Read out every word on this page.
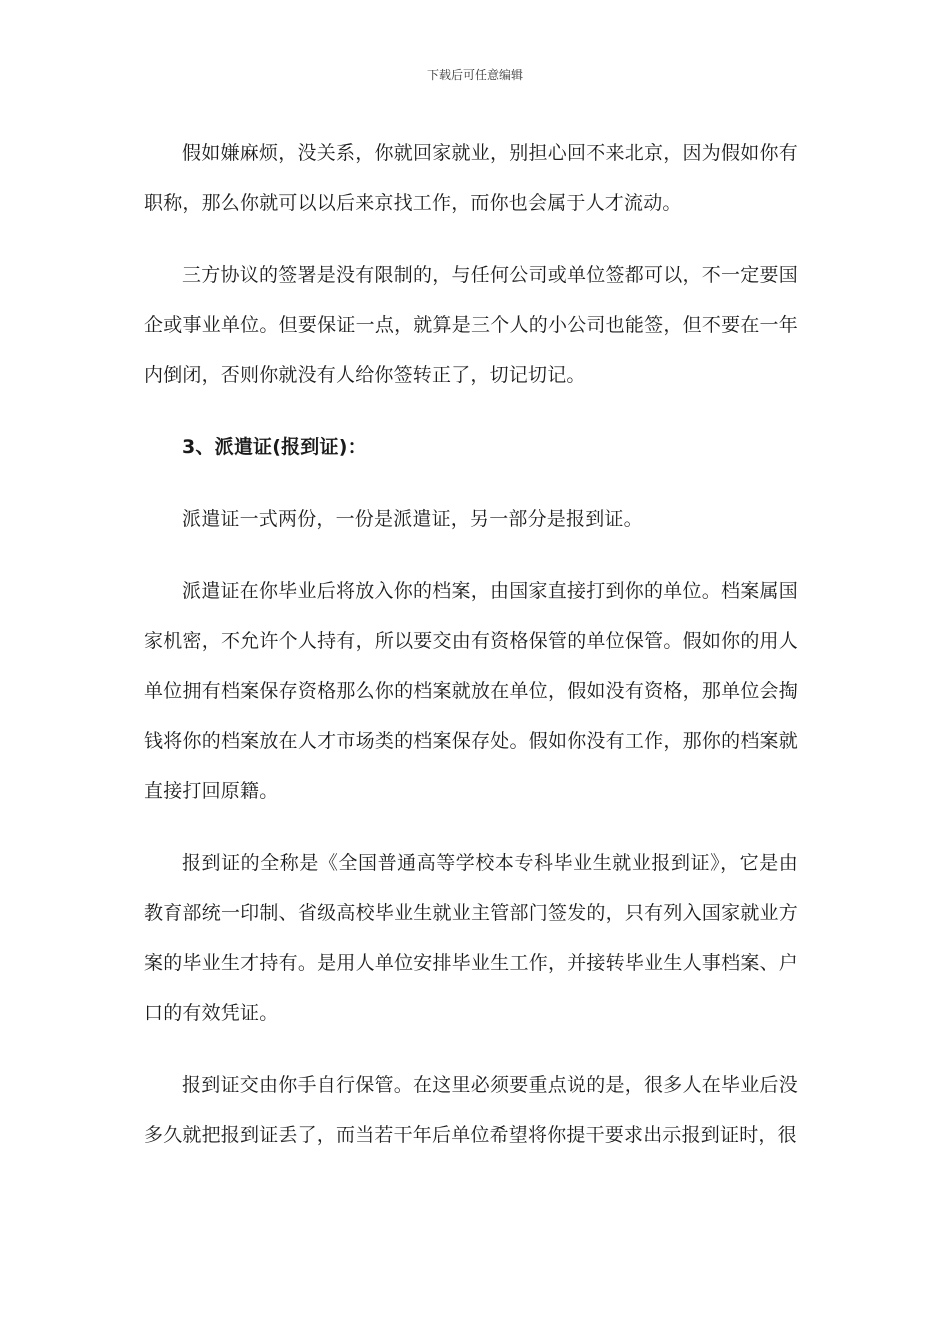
下载后可任意编辑

假如嫌麻烦，没关系，你就回家就业，别担心回不来北京，因为假如你有职称，那么你就可以以后来京找工作，而你也会属于人才流动。

三方协议的签署是没有限制的，与任何公司或单位签都可以，不一定要国企或事业单位。但要保证一点，就算是三个人的小公司也能签，但不要在一年内倒闭，否则你就没有人给你签转正了，切记切记。

3、派遣证(报到证)：

派遣证一式两份，一份是派遣证，另一部分是报到证。

派遣证在你毕业后将放入你的档案，由国家直接打到你的单位。档案属国家机密，不允许个人持有，所以要交由有资格保管的单位保管。假如你的用人单位拥有档案保存资格那么你的档案就放在单位，假如没有资格，那单位会掏钱将你的档案放在人才市场类的档案保存处。假如你没有工作，那你的档案就直接打回原籍。

报到证的全称是《全国普通高等学校本专科毕业生就业报到证》，它是由教育部统一印制、省级高校毕业生就业主管部门签发的，只有列入国家就业方案的毕业生才持有。是用人单位安排毕业生工作，并接转毕业生人事档案、户口的有效凭证。

报到证交由你手自行保管。在这里必须要重点说的是，很多人在毕业后没多久就把报到证丢了，而当若干年后单位希望将你提干要求出示报到证时，很
